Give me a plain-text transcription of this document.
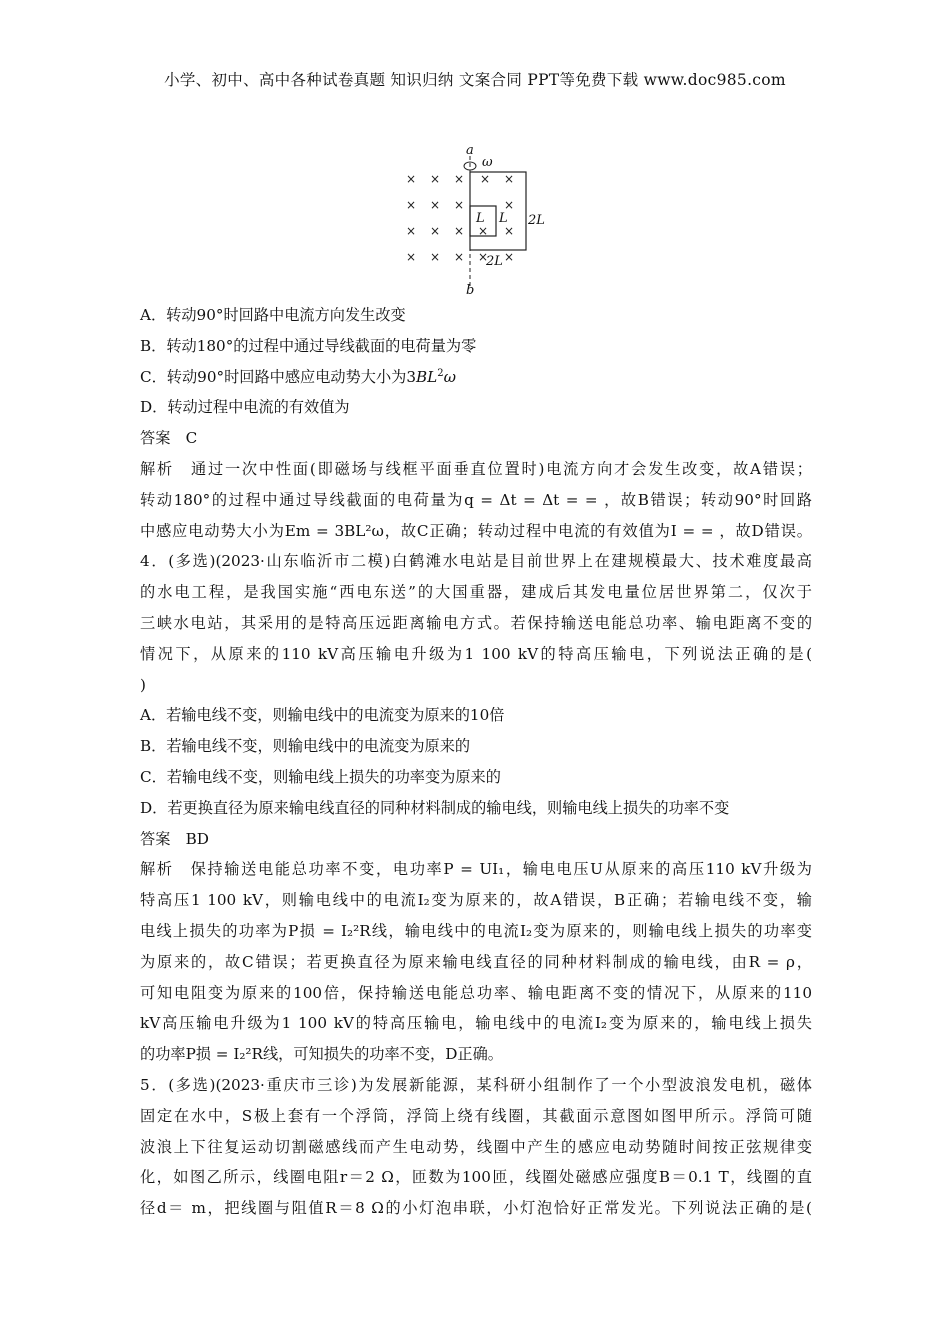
小学、初中、高中各种试卷真题 知识归纳 文案合同 PPT等免费下载 www.doc985.com
× × × × ×
× × ×	×
× × × × ×
× × × × ×
a
b
ω
L L 2L
2L
A．转动90°时回路中电流方向发生改变
B．转动180°的过程中通过导线截面的电荷量为零
C．转动90°时回路中感应电动势大小为$3BL^2\omega$
D．转动过程中电流的有效值为
答案　C
解析　通过一次中性面(即磁场与线框平面垂直位置时)电流方向才会发生改变，故A错误；
转动180°的过程中通过导线截面的电荷量为q = Δt = Δt = = ，故B错误；转动90°时回路
中感应电动势大小为Em = 3BL²ω，故C正确；转动过程中电流的有效值为I = = ，故D错误。
4．(多选)(2023·山东临沂市二模)白鹤滩水电站是目前世界上在建规模最大、技术难度最高
的水电工程，是我国实施“西电东送”的大国重器，建成后其发电量位居世界第二，仅次于
三峡水电站，其采用的是特高压远距离输电方式。若保持输送电能总功率、输电距离不变的
情况下，从原来的110 kV高压输电升级为1 100 kV的特高压输电，下列说法正确的是(
)
A．若输电线不变，则输电线中的电流变为原来的10倍
B．若输电线不变，则输电线中的电流变为原来的
C．若输电线不变，则输电线上损失的功率变为原来的
D．若更换直径为原来输电线直径的同种材料制成的输电线，则输电线上损失的功率不变
答案　BD
解析　保持输送电能总功率不变，电功率P = UI₁，输电电压U从原来的高压110 kV升级为
特高压1 100 kV，则输电线中的电流I₂变为原来的，故A错误，B正确；若输电线不变，输
电线上损失的功率为P损 = I₂²R线，输电线中的电流I₂变为原来的，则输电线上损失的功率变
为原来的，故C错误；若更换直径为原来输电线直径的同种材料制成的输电线，由R = ρ，
可知电阻变为原来的100倍，保持输送电能总功率、输电距离不变的情况下，从原来的110
kV高压输电升级为1 100 kV的特高压输电，输电线中的电流I₂变为原来的，输电线上损失
的功率P损 = I₂²R线，可知损失的功率不变，D正确。
5．(多选)(2023·重庆市三诊)为发展新能源，某科研小组制作了一个小型波浪发电机，磁体
固定在水中，S极上套有一个浮筒，浮筒上绕有线圈，其截面示意图如图甲所示。浮筒可随
波浪上下往复运动切割磁感线而产生电动势，线圈中产生的感应电动势随时间按正弦规律变
化，如图乙所示，线圈电阻r＝2 Ω，匝数为100匝，线圈处磁感应强度B＝0.1 T，线圈的直
径d＝ m，把线圈与阻值R＝8 Ω的小灯泡串联，小灯泡恰好正常发光。下列说法正确的是(
